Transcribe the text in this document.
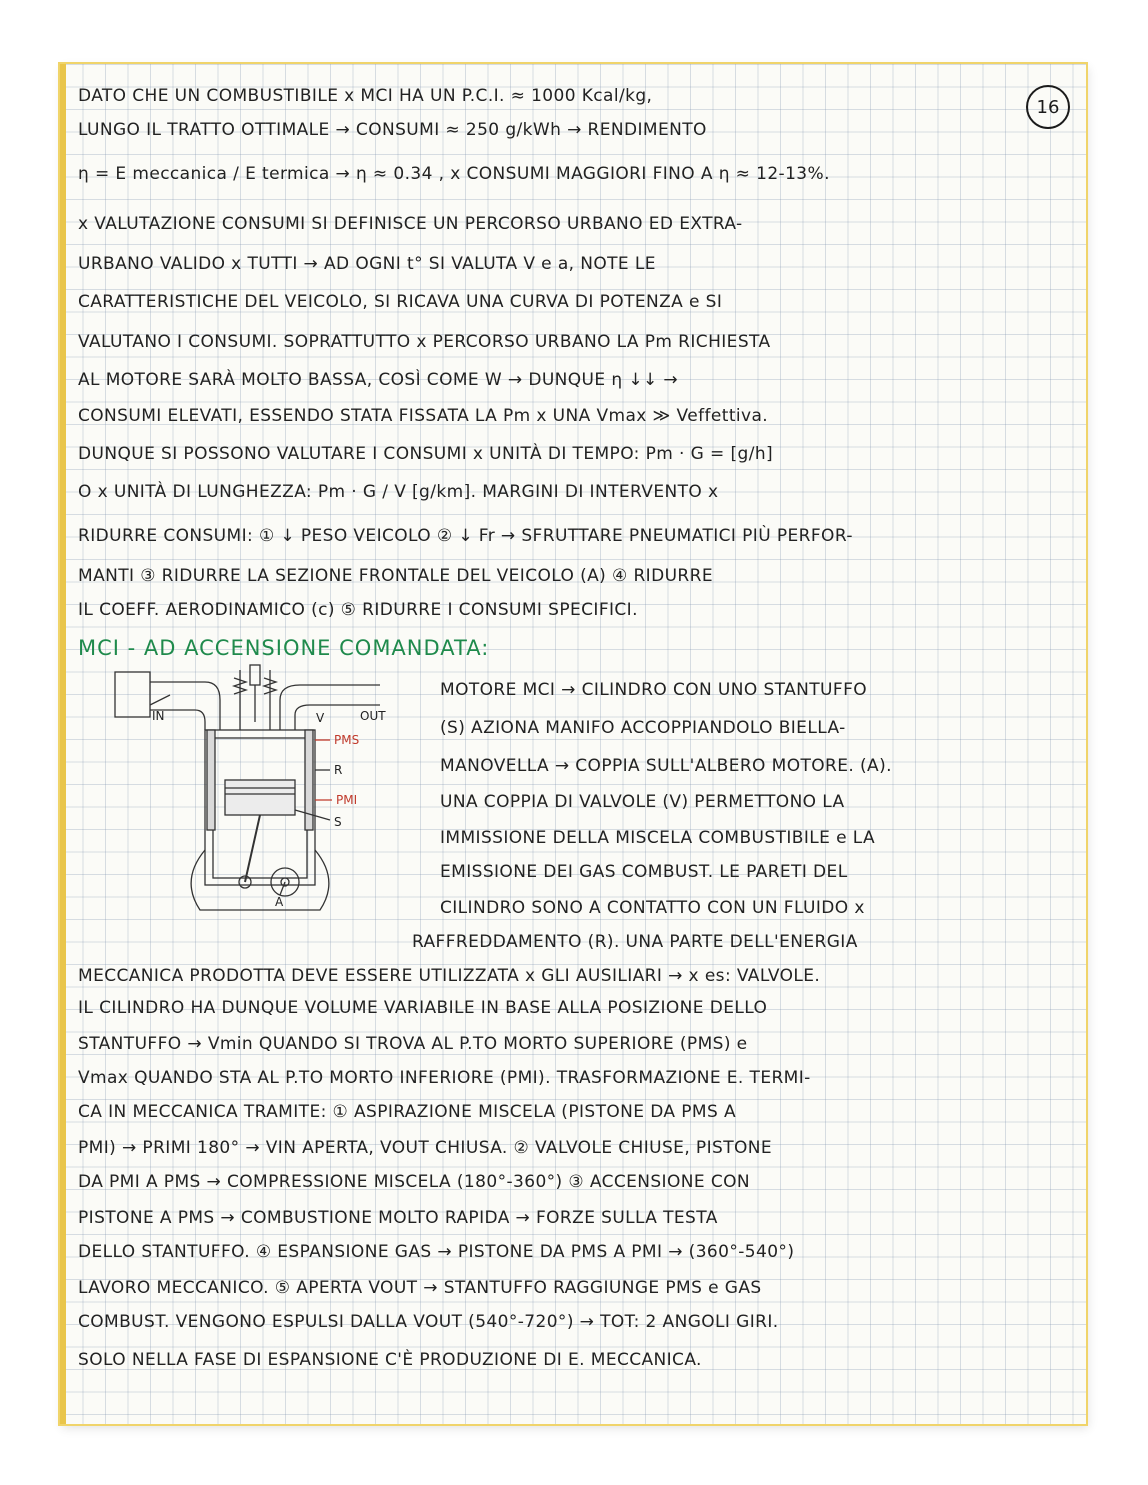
16
DATO CHE UN COMBUSTIBILE x MCI HA UN P.C.I. ≈ 1000 Kcal/kg,
LUNGO IL TRATTO OTTIMALE → CONSUMI ≈ 250 g/kWh → RENDIMENTO
η = E meccanica / E termica → η ≈ 0.34 , x CONSUMI MAGGIORI FINO A η ≈ 12-13%.
x VALUTAZIONE CONSUMI SI DEFINISCE UN PERCORSO URBANO ED EXTRA-
URBANO VALIDO x TUTTI → AD OGNI t° SI VALUTA V e a, NOTE LE
CARATTERISTICHE DEL VEICOLO, SI RICAVA UNA CURVA DI POTENZA e SI
VALUTANO I CONSUMI. SOPRATTUTTO x PERCORSO URBANO LA Pm RICHIESTA
AL MOTORE SARÀ MOLTO BASSA, COSÌ COME W → DUNQUE η ↓↓ →
CONSUMI ELEVATI, ESSENDO STATA FISSATA LA Pm x UNA Vmax ≫ Veffettiva.
DUNQUE SI POSSONO VALUTARE I CONSUMI x UNITÀ DI TEMPO: Pm · G = [g/h]
O x UNITÀ DI LUNGHEZZA: Pm · G / V [g/km]. MARGINI DI INTERVENTO x
RIDURRE CONSUMI: ① ↓ PESO VEICOLO ② ↓ Fr → SFRUTTARE PNEUMATICI PIÙ PERFOR-
MANTI ③ RIDURRE LA SEZIONE FRONTALE DEL VEICOLO (A) ④ RIDURRE
IL COEFF. AERODINAMICO (c) ⑤ RIDURRE I CONSUMI SPECIFICI.
MCI - AD ACCENSIONE COMANDATA:
IN	OUT
V
PMS
R
PMI
S
A
MOTORE MCI → CILINDRO CON UNO STANTUFFO
(S) AZIONA MANIFO ACCOPPIANDOLO BIELLA-
MANOVELLA → COPPIA SULL'ALBERO MOTORE. (A).
UNA COPPIA DI VALVOLE (V) PERMETTONO LA
IMMISSIONE DELLA MISCELA COMBUSTIBILE e LA
EMISSIONE DEI GAS COMBUST. LE PARETI DEL
CILINDRO SONO A CONTATTO CON UN FLUIDO x
RAFFREDDAMENTO (R). UNA PARTE DELL'ENERGIA
MECCANICA PRODOTTA DEVE ESSERE UTILIZZATA x GLI AUSILIARI → x es: VALVOLE.
IL CILINDRO HA DUNQUE VOLUME VARIABILE IN BASE ALLA POSIZIONE DELLO
STANTUFFO → Vmin QUANDO SI TROVA AL P.TO MORTO SUPERIORE (PMS) e
Vmax QUANDO STA AL P.TO MORTO INFERIORE (PMI). TRASFORMAZIONE E. TERMI-
CA IN MECCANICA TRAMITE: ① ASPIRAZIONE MISCELA (PISTONE DA PMS A
PMI) → PRIMI 180° → VIN APERTA, VOUT CHIUSA. ② VALVOLE CHIUSE, PISTONE
DA PMI A PMS → COMPRESSIONE MISCELA (180°-360°) ③ ACCENSIONE CON
PISTONE A PMS → COMBUSTIONE MOLTO RAPIDA → FORZE SULLA TESTA
DELLO STANTUFFO. ④ ESPANSIONE GAS → PISTONE DA PMS A PMI → (360°-540°)
LAVORO MECCANICO. ⑤ APERTA VOUT → STANTUFFO RAGGIUNGE PMS e GAS
COMBUST. VENGONO ESPULSI DALLA VOUT (540°-720°) → TOT: 2 ANGOLI GIRI.
SOLO NELLA FASE DI ESPANSIONE C'È PRODUZIONE DI E. MECCANICA.
